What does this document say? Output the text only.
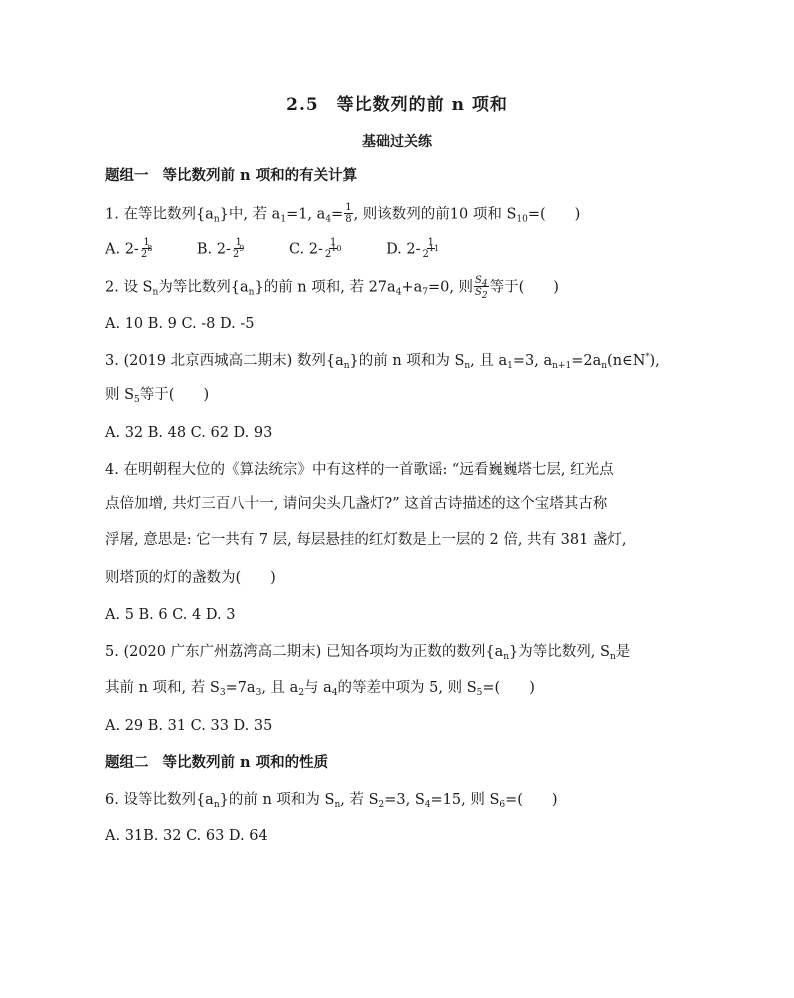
2.5　等比数列的前 n 项和
基础过关练
题组一 等比数列前 n 项和的有关计算
1. 在等比数列$\{a_n\}$中, 若 $a_1=1$, $a_4= \frac{1}{8}$ , 则该数列的前10 项和 $S_{10}=$(　　)
A. $2- \frac{1}{2^8}$	B. $2- \frac{1}{2^9}$	C. $2- \frac{1}{2^{10}}$	D. $2- \frac{1}{2^{11}}$
2. 设 $S_n$为等比数列$\{a_n\}$的前 n 项和, 若 $27a_4+a_7=0$, 则 $\frac{S_4}{S_2}$ 等于(　　)
A. 10 B. 9 C. -8 D. -5
3. (2019 北京西城高二期末) 数列$\{a_n\}$的前 n 项和为 $S_n$, 且 $a_1=3$, $a_{n+1}=2a_n(n\in N^*)$,
则 $S_5$等于(　　)
A. 32 B. 48 C. 62 D. 93
4. 在明朝程大位的《算法统宗》中有这样的一首歌谣: “远看巍巍塔七层, 红光点
点倍加增, 共灯三百八十一, 请问尖头几盏灯?” 这首古诗描述的这个宝塔其古称
浮屠, 意思是: 它一共有 7 层, 每层悬挂的红灯数是上一层的 2 倍, 共有 381 盏灯,
则塔顶的灯的盏数为(　　)
A. 5 B. 6 C. 4 D. 3
5. (2020 广东广州荔湾高二期末) 已知各项均为正数的数列$\{a_n\}$为等比数列, $S_n$是
其前 n 项和, 若 $S_3=7a_3$, 且 $a_2$与 $a_4$的等差中项为 5, 则 $S_5=$(　　)
A. 29 B. 31 C. 33 D. 35
题组二 等比数列前 n 项和的性质
6. 设等比数列$\{a_n\}$的前 n 项和为 $S_n$, 若 $S_2=3$, $S_4=15$, 则 $S_6=$(　　)
A. 31B. 32 C. 63 D. 64
